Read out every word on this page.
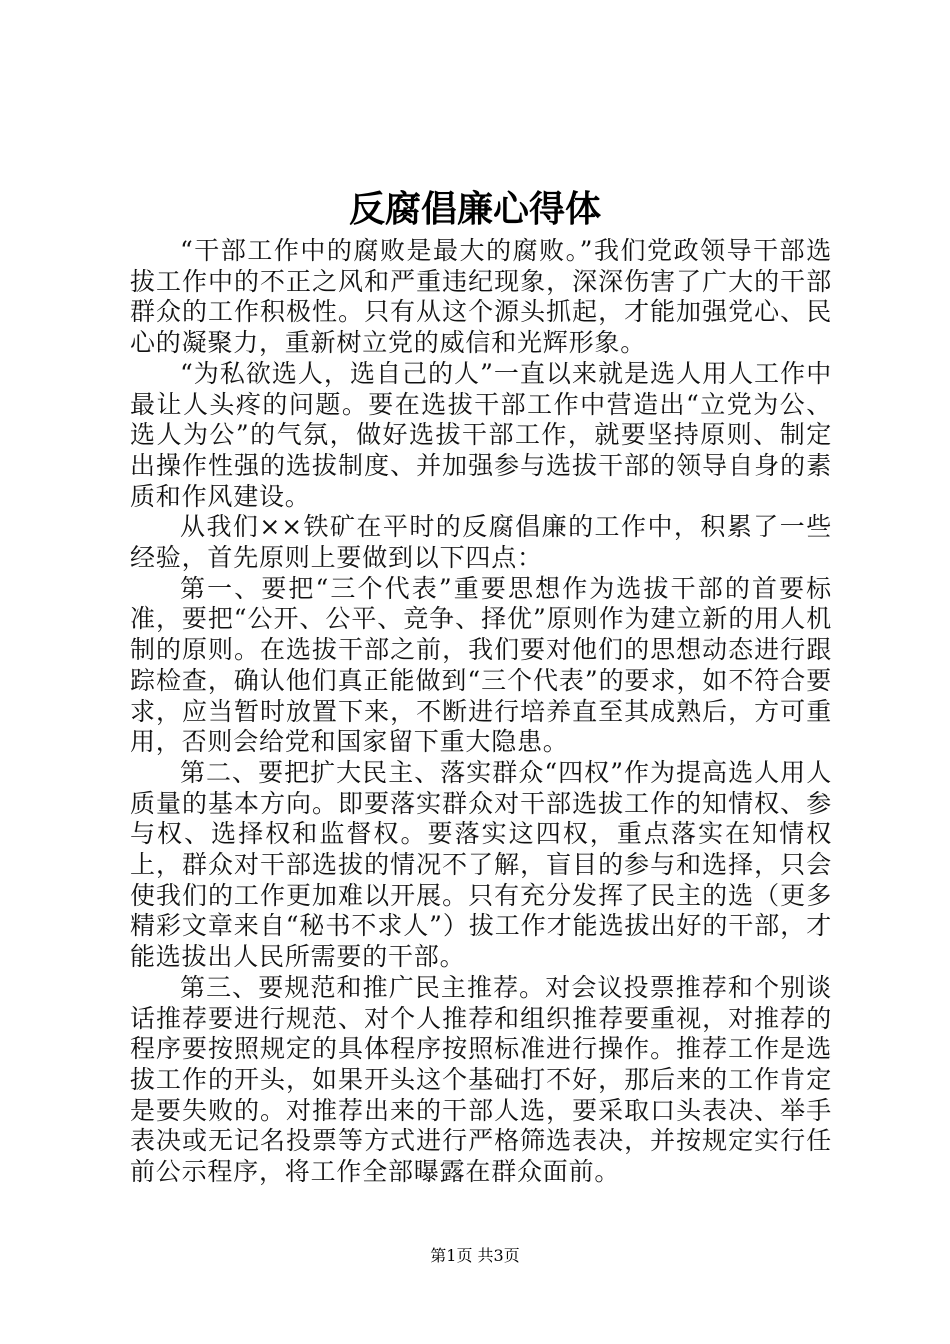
反腐倡廉心得体

“干部工作中的腐败是最大的腐败。”我们党政领导干部选拔工作中的不正之风和严重违纪现象，深深伤害了广大的干部群众的工作积极性。只有从这个源头抓起，才能加强党心、民心的凝聚力，重新树立党的威信和光辉形象。

“为私欲选人，选自己的人”一直以来就是选人用人工作中最让人头疼的问题。要在选拔干部工作中营造出“立党为公、选人为公”的气氛，做好选拔干部工作，就要坚持原则、制定出操作性强的选拔制度、并加强参与选拔干部的领导自身的素质和作风建设。

从我们××铁矿在平时的反腐倡廉的工作中，积累了一些经验，首先原则上要做到以下四点：

第一、要把“三个代表”重要思想作为选拔干部的首要标准，要把“公开、公平、竞争、择优”原则作为建立新的用人机制的原则。在选拔干部之前，我们要对他们的思想动态进行跟踪检查，确认他们真正能做到“三个代表”的要求，如不符合要求，应当暂时放置下来，不断进行培养直至其成熟后，方可重用，否则会给党和国家留下重大隐患。

第二、要把扩大民主、落实群众“四权”作为提高选人用人质量的基本方向。即要落实群众对干部选拔工作的知情权、参与权、选择权和监督权。要落实这四权，重点落实在知情权上，群众对干部选拔的情况不了解，盲目的参与和选择，只会使我们的工作更加难以开展。只有充分发挥了民主的选（更多精彩文章来自“秘书不求人”）拔工作才能选拔出好的干部，才能选拔出人民所需要的干部。

第三、要规范和推广民主推荐。对会议投票推荐和个别谈话推荐要进行规范、对个人推荐和组织推荐要重视，对推荐的程序要按照规定的具体程序按照标准进行操作。推荐工作是选拔工作的开头，如果开头这个基础打不好，那后来的工作肯定是要失败的。对推荐出来的干部人选，要采取口头表决、举手表决或无记名投票等方式进行严格筛选表决，并按规定实行任前公示程序，将工作全部曝露在群众面前。

第1页 共3页
